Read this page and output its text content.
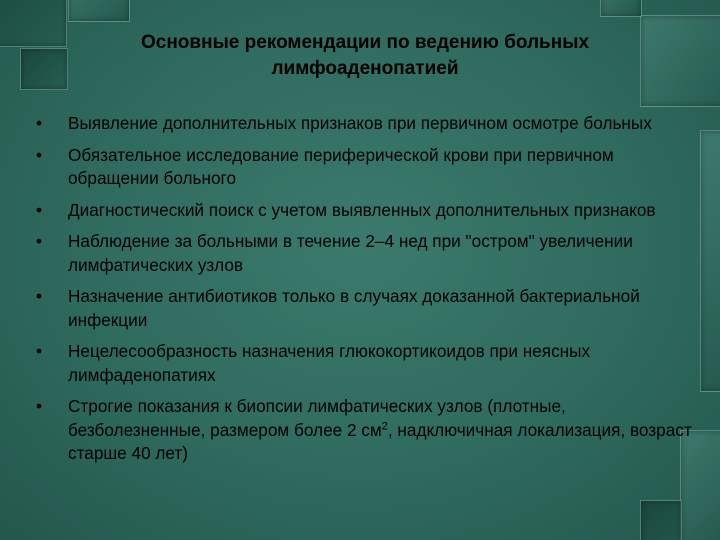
Основные рекомендации по ведению больных
лимфоаденопатией
• Выявление дополнительных признаков при первичном осмотре больных
• Обязательное исследование периферической крови при первичном обращении больного
• Диагностический поиск с учетом выявленных дополнительных признаков
• Наблюдение за больными в течение 2–4 нед при "остром" увеличении лимфатических узлов
• Назначение антибиотиков только в случаях доказанной бактериальной инфекции
• Нецелесообразность назначения глюкокортикоидов при неясных лимфаденопатиях
• Строгие показания к биопсии лимфатических узлов (плотные, безболезненные, размером более 2 $см^2$, надключичная локализация, возраст старше 40 лет)
